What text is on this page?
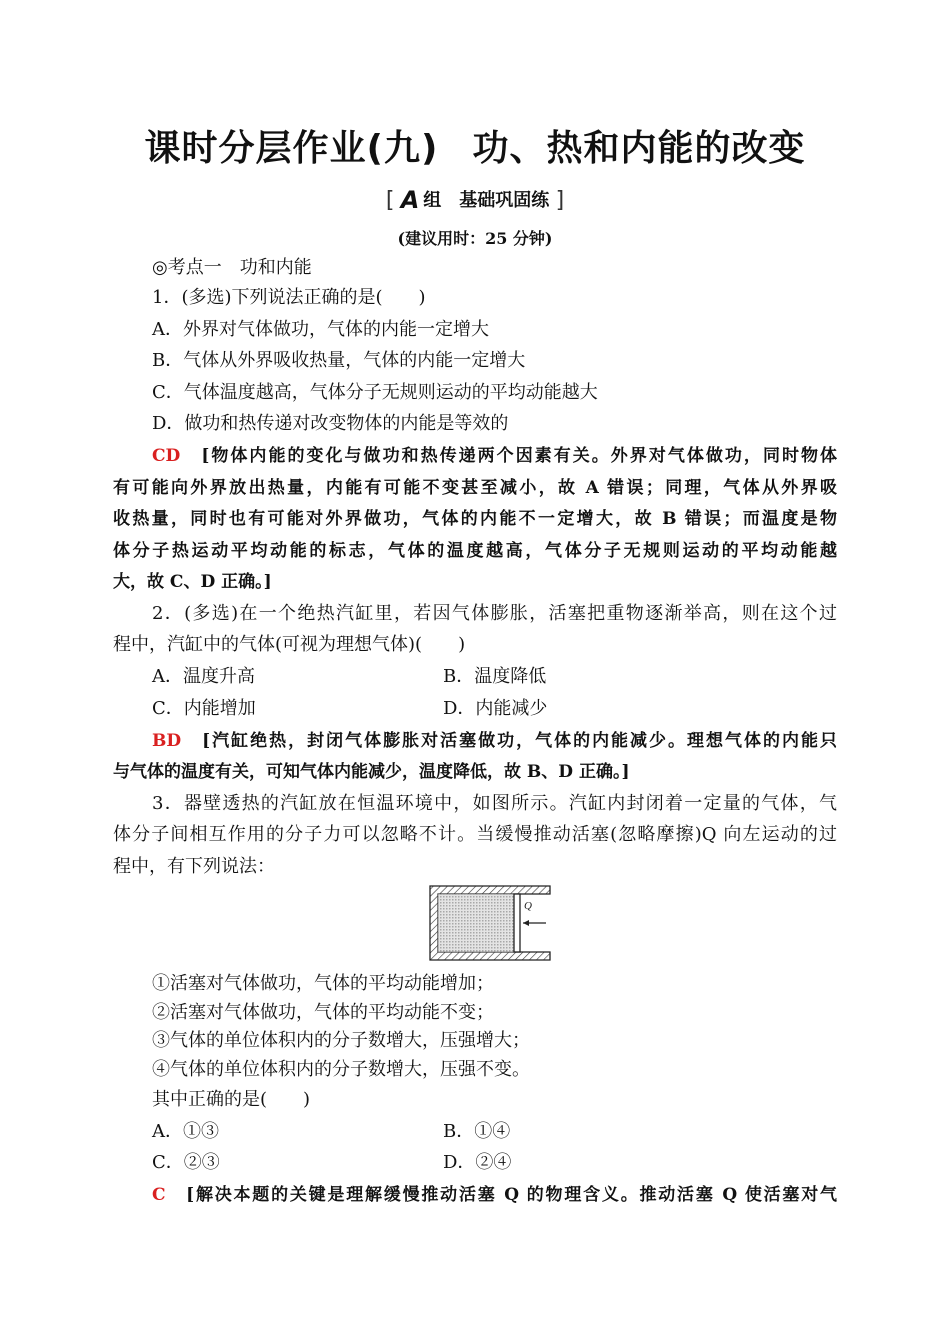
课时分层作业(九) 功、热和内能的改变
[ A 组 基础巩固练 ]
(建议用时：25 分钟)
◎考点一　功和内能
1．(多选)下列说法正确的是(　　)
A．外界对气体做功，气体的内能一定增大
B．气体从外界吸收热量，气体的内能一定增大
C．气体温度越高，气体分子无规则运动的平均动能越大
D．做功和热传递对改变物体的内能是等效的
CD　 [物体内能的变化与做功和热传递两个因素有关。外界对气体做功，同时物体
有可能向外界放出热量，内能有可能不变甚至减小，故 A 错误；同理，气体从外界吸
收热量，同时也有可能对外界做功，气体的内能不一定增大，故 B 错误；而温度是物
体分子热运动平均动能的标志，气体的温度越高，气体分子无规则运动的平均动能越
大，故 C、D 正确。]
2．(多选)在一个绝热汽缸里，若因气体膨胀，活塞把重物逐渐举高，则在这个过
程中，汽缸中的气体(可视为理想气体)(　　)
A．温度升高	B．温度降低
C．内能增加	D．内能减少
BD　 [汽缸绝热，封闭气体膨胀对活塞做功，气体的内能减少。理想气体的内能只
与气体的温度有关，可知气体内能减少，温度降低，故 B、D 正确。]
3．器壁透热的汽缸放在恒温环境中，如图所示。汽缸内封闭着一定量的气体，气
体分子间相互作用的分子力可以忽略不计。当缓慢推动活塞(忽略摩擦)Q 向左运动的过
程中，有下列说法：
Q
①活塞对气体做功，气体的平均动能增加；
②活塞对气体做功，气体的平均动能不变；
③气体的单位体积内的分子数增大，压强增大；
④气体的单位体积内的分子数增大，压强不变。
其中正确的是(　　)
A．①③	B．①④
C．②③	D．②④
C　 [解决本题的关键是理解缓慢推动活塞 Q 的物理含义。推动活塞 Q 使活塞对气
